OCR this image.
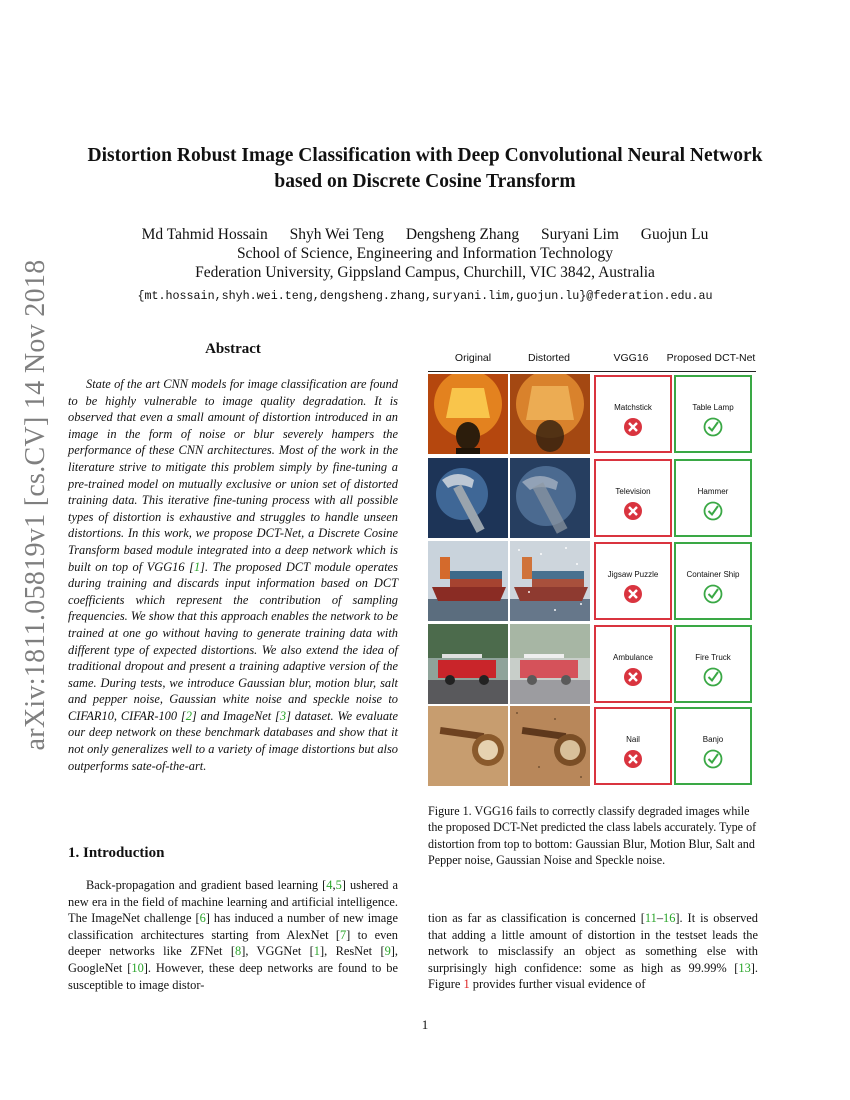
Distortion Robust Image Classification with Deep Convolutional Neural Network
based on Discrete Cosine Transform
Md Tahmid Hossain Shyh Wei Teng Dengsheng Zhang Suryani Lim Guojun Lu
School of Science, Engineering and Information Technology
Federation University, Gippsland Campus, Churchill, VIC 3842, Australia
{mt.hossain,shyh.wei.teng,dengsheng.zhang,suryani.lim,guojun.lu}@federation.edu.au
arXiv:1811.05819v1 [cs.CV] 14 Nov 2018	Abstract
State of the art CNN models for image classification are found to be highly vulnerable to image quality degradation. It is observed that even a small amount of distortion introduced in an image in the form of noise or blur severely hampers the performance of these CNN architectures. Most of the work in the literature strive to mitigate this problem simply by fine-tuning a pre-trained model on mutually exclusive or union set of distorted training data. This iterative fine-tuning process with all possible types of distortion is exhaustive and struggles to handle unseen distortions. In this work, we propose DCT-Net, a Discrete Cosine Transform based module integrated into a deep network which is built on top of VGG16 [1]. The proposed DCT module operates during training and discards input information based on DCT coefficients which represent the contribution of sampling frequencies. We show that this approach enables the network to be trained at one go without having to generate training data with different type of expected distortions. We also extend the idea of traditional dropout and present a training adaptive version of the same. During tests, we introduce Gaussian blur, motion blur, salt and pepper noise, Gaussian white noise and speckle noise to CIFAR10, CIFAR-100 [2] and ImageNet [3] dataset. We evaluate our deep network on these benchmark databases and show that it not only generalizes well to a variety of image distortions but also outperforms sate-of-the-art.
1. Introduction
Back-propagation and gradient based learning [4,5] ushered a new era in the field of machine learning and artificial intelligence. The ImageNet challenge [6] has induced a number of new image classification architectures starting from AlexNet [7] to even deeper networks like ZFNet [8], VGGNet [1], ResNet [9], GoogleNet [10]. However, these deep networks are found to be susceptible to image distor-
tion as far as classification is concerned [11–16]. It is observed that adding a little amount of distortion in the testset leads the network to misclassify an object as something else with surprisingly high confidence: some as high as 99.99% [13]. Figure 1 provides further visual evidence of
Original	Distorted	VGG16	Proposed DCT-Net
Matchstick	Table Lamp
Television	Hammer
Jigsaw Puzzle	Container Ship
Ambulance	Fire Truck
Nail	Banjo
Figure 1. VGG16 fails to correctly classify degraded images while the proposed DCT-Net predicted the class labels accurately. Type of distortion from top to bottom: Gaussian Blur, Motion Blur, Salt and Pepper noise, Gaussian Noise and Speckle noise.
1
